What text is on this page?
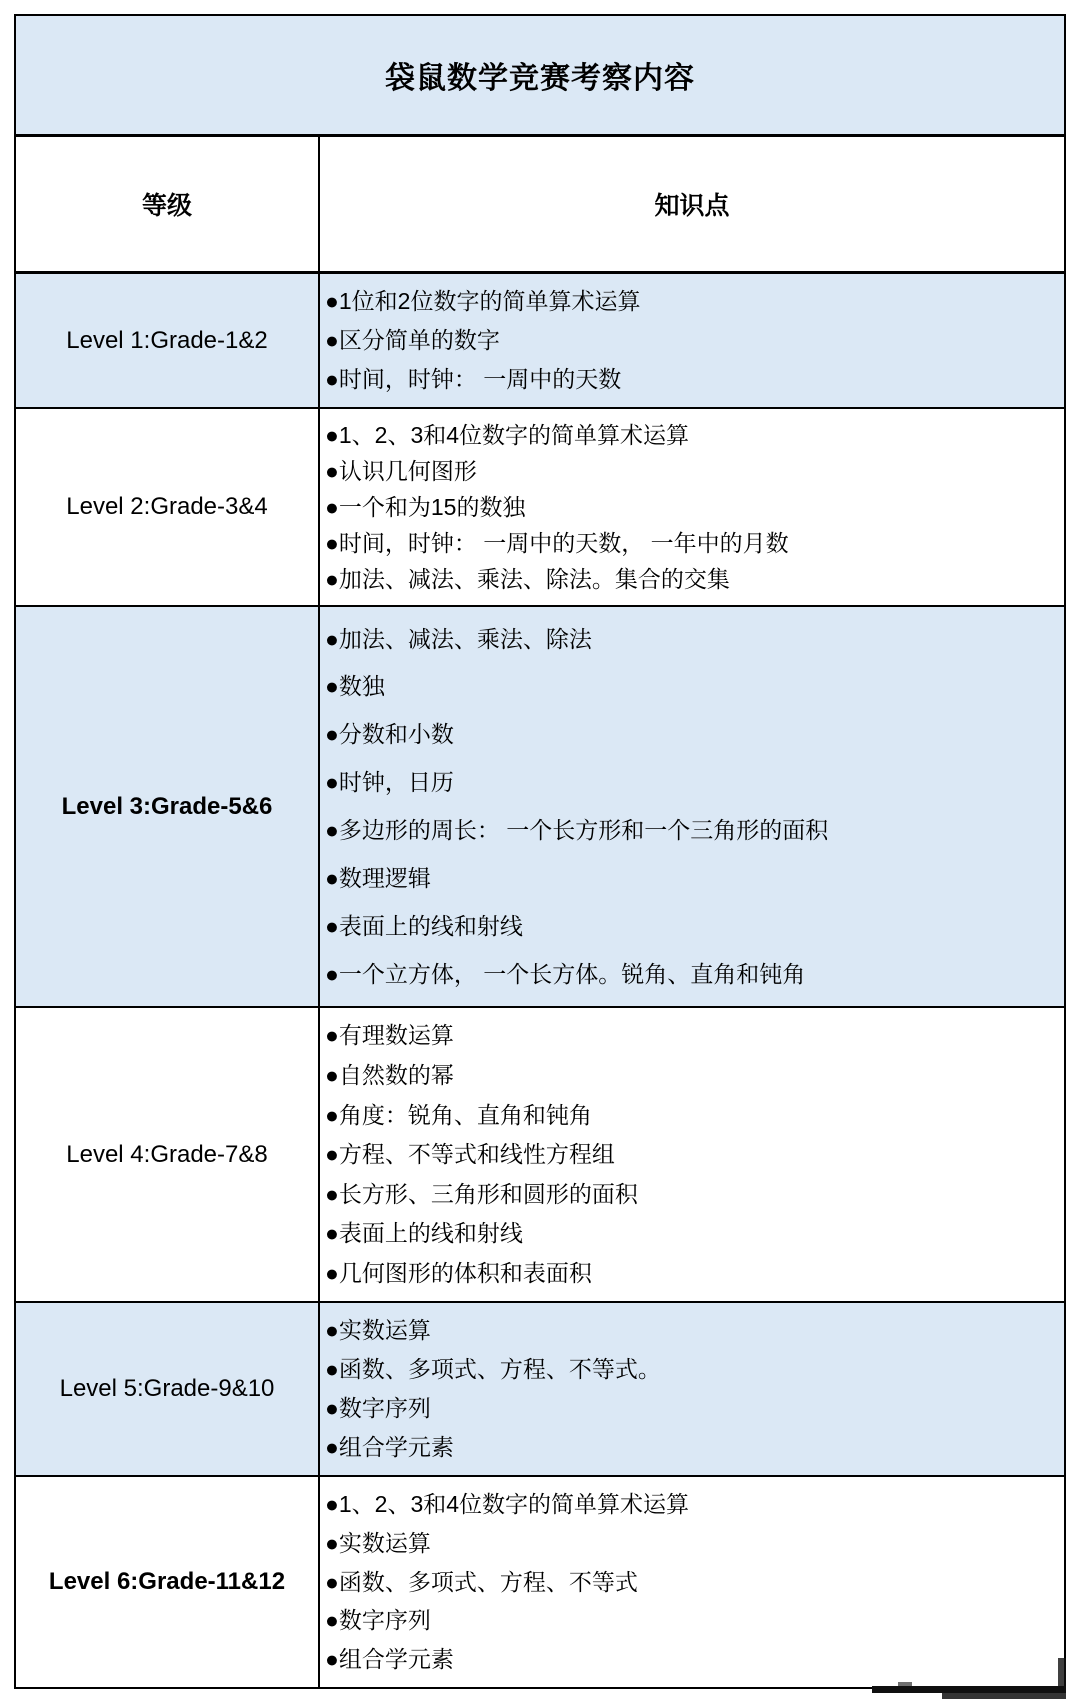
袋鼠数学竞赛考察内容
等级	知识点
Level 1:Grade-1&2
●1位和2位数字的简单算术运算
●区分简单的数字
●时间，时钟： 一周中的天数
Level 2:Grade-3&4
●1、2、3和4位数字的简单算术运算
●认识几何图形
●一个和为15的数独
●时间，时钟： 一周中的天数， 一年中的月数
●加法、减法、乘法、除法。集合的交集
Level 3:Grade-5&6
●加法、减法、乘法、除法
●数独
●分数和小数
●时钟，日历
●多边形的周长： 一个长方形和一个三角形的面积
●数理逻辑
●表面上的线和射线
●一个立方体， 一个长方体。锐角、直角和钝角
Level 4:Grade-7&8
●有理数运算
●自然数的幂
●角度：锐角、直角和钝角
●方程、不等式和线性方程组
●长方形、三角形和圆形的面积
●表面上的线和射线
●几何图形的体积和表面积
Level 5:Grade-9&10
●实数运算
●函数、多项式、方程、不等式。
●数字序列
●组合学元素
Level 6:Grade-11&12
●1、2、3和4位数字的简单算术运算
●实数运算
●函数、多项式、方程、不等式
●数字序列
●组合学元素
